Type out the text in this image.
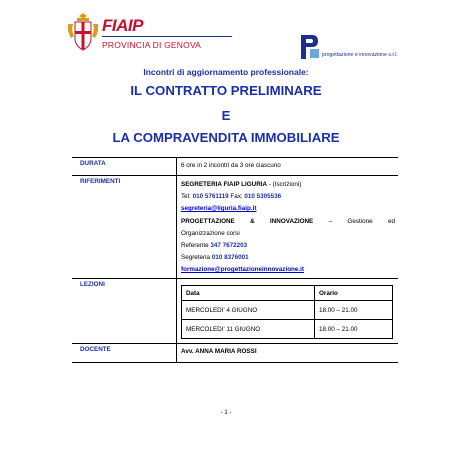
FIAIP
PROVINCIA DI GENOVA
progettazione e innovazione s.r.l.
Incontri di aggiornamento professionale:
IL CONTRATTO PRELIMINARE
E
LA COMPRAVENDITA IMMOBILIARE
DURATA	6 ore in 2 incontri da 3 ore ciascuno

RIFERIMENTI	SEGRETERIA FIAIP LIGURIA - (Iscrizioni)
Tel: 010 5761119 Fax: 010 5305536
segreteria@liguria.fiaip.it
PROGETTAZIONE & INNOVAZIONE – Gestione ed
Organizzazione corsi
Referente 347 7672203
Segreteria 010 8376001
formazione@progettazioneinnovazione.it

LEZIONI	
Data	Orario
MERCOLEDI’ 4 GIUGNO	18.00 – 21.00
MERCOLEDI’ 11 GIUGNO	18.00 – 21.00

DOCENTE	Avv. ANNA MARIA ROSSI
- 1 -
